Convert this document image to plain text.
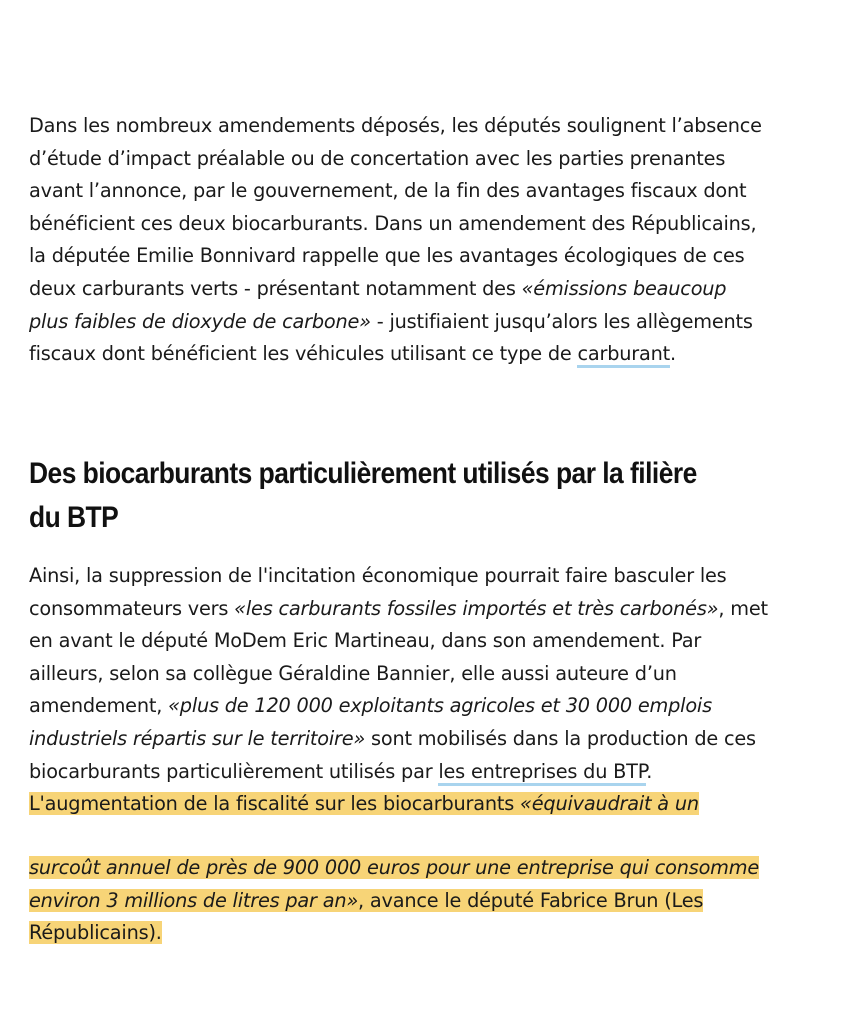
Dans les nombreux amendements déposés, les députés soulignent l’absence d’étude d’impact préalable ou de concertation avec les parties prenantes avant l’annonce, par le gouvernement, de la fin des avantages fiscaux dont bénéficient ces deux biocarburants. Dans un amendement des Républicains, la députée Emilie Bonnivard rappelle que les avantages écologiques de ces deux carburants verts - présentant notamment des «émissions beaucoup plus faibles de dioxyde de carbone» - justifiaient jusqu’alors les allègements fiscaux dont bénéficient les véhicules utilisant ce type de carburant.

Des biocarburants particulièrement utilisés par la filière du BTP

Ainsi, la suppression de l'incitation économique pourrait faire basculer les consommateurs vers «les carburants fossiles importés et très carbonés», met en avant le député MoDem Eric Martineau, dans son amendement. Par ailleurs, selon sa collègue Géraldine Bannier, elle aussi auteure d’un amendement, «plus de 120 000 exploitants agricoles et 30 000 emplois industriels répartis sur le territoire» sont mobilisés dans la production de ces biocarburants particulièrement utilisés par les entreprises du BTP.
L'augmentation de la fiscalité sur les biocarburants «équivaudrait à un

surcoût annuel de près de 900 000 euros pour une entreprise qui consomme environ 3 millions de litres par an», avance le député Fabrice Brun (Les Républicains).
